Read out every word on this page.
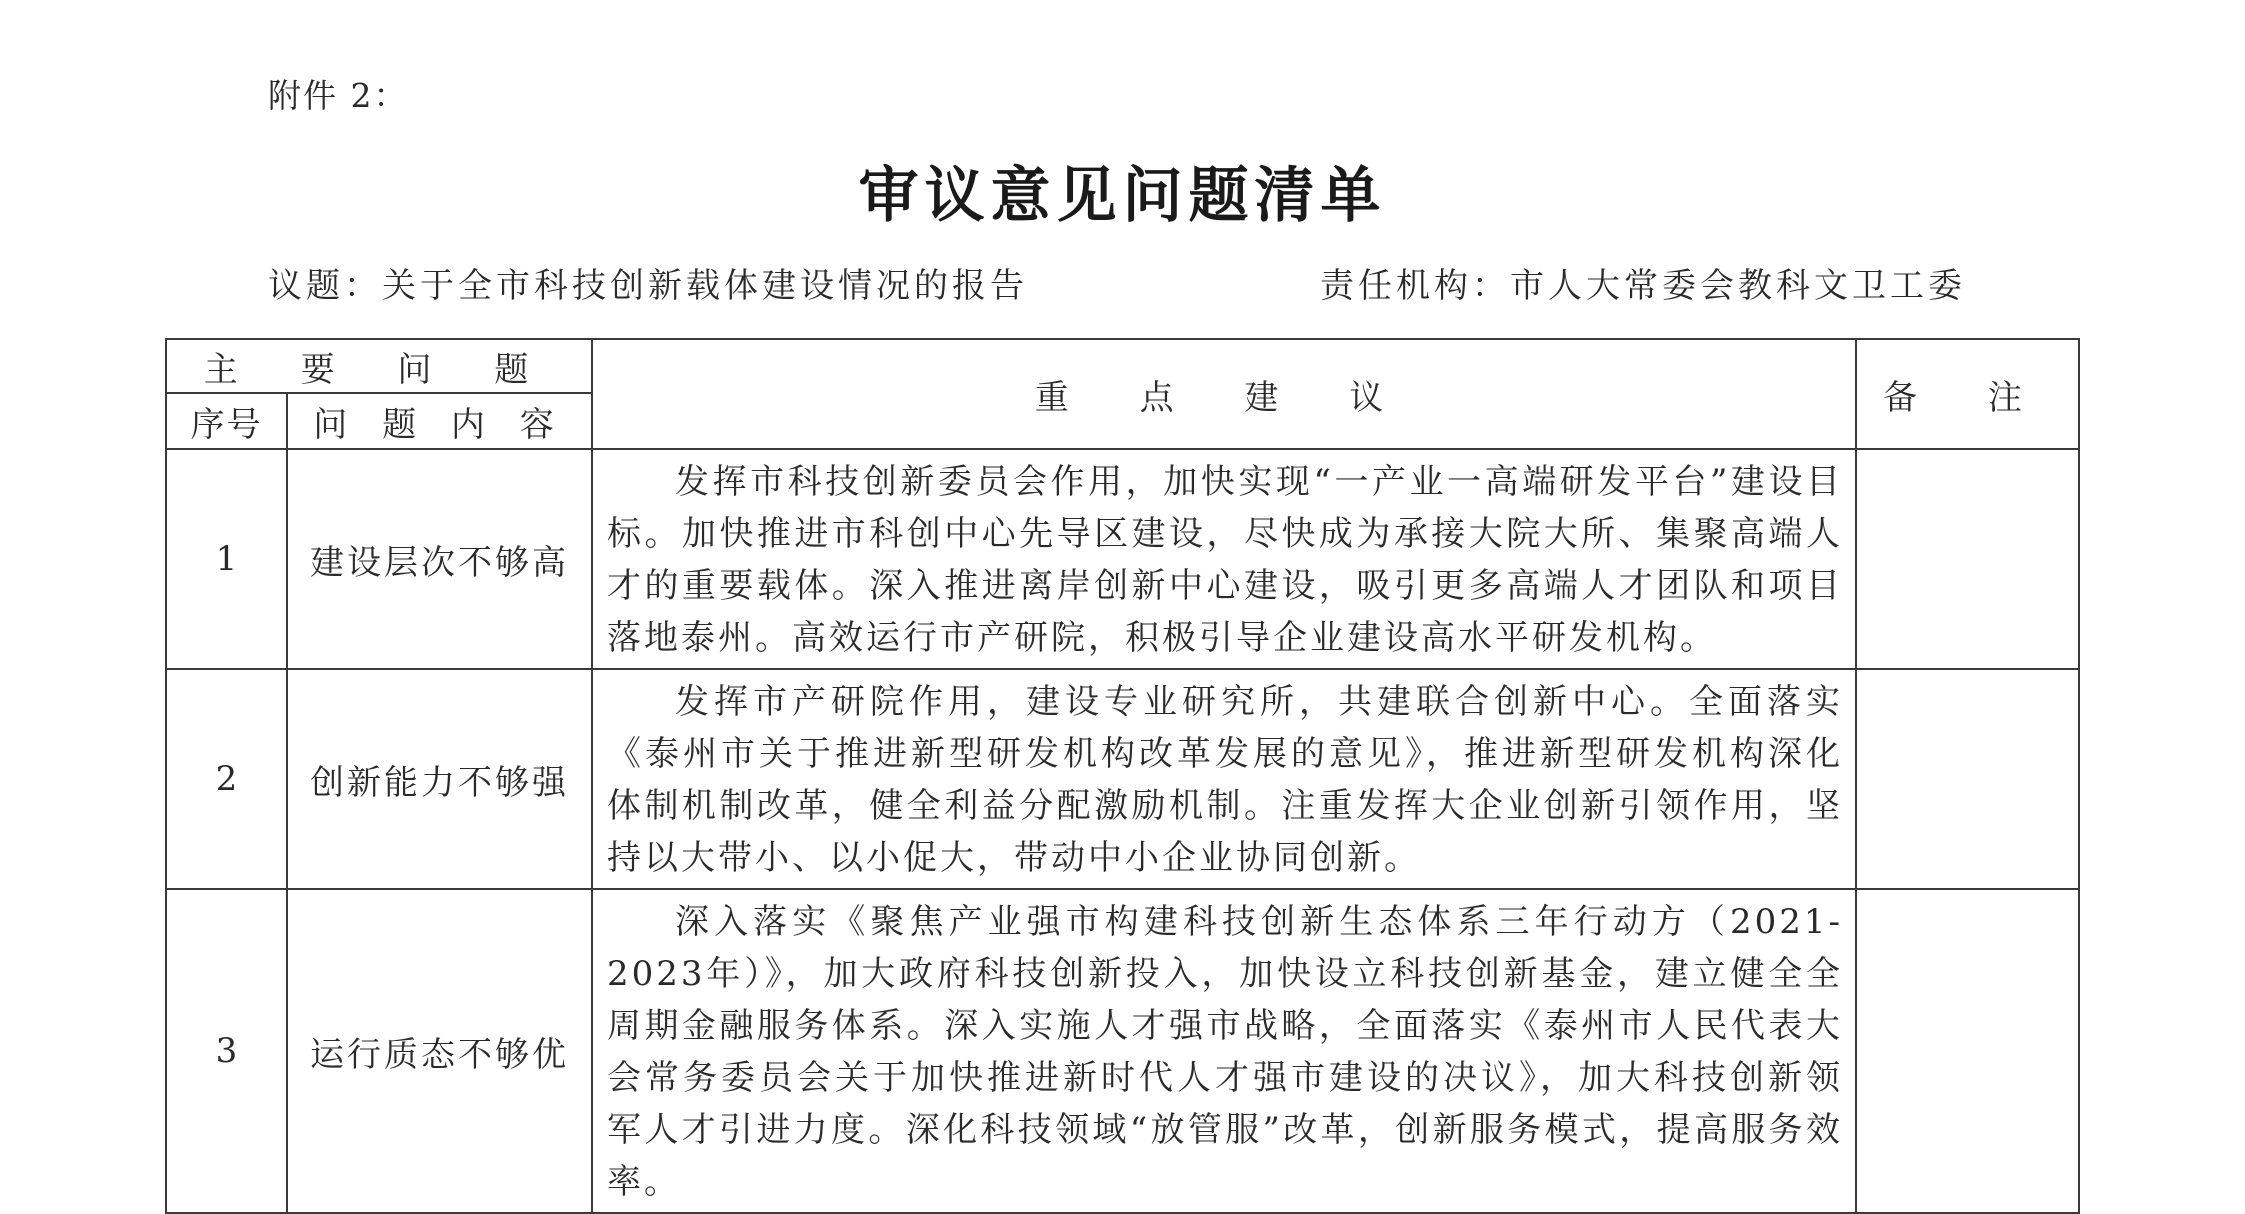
附件 2：
审议意见问题清单
议题：关于全市科技创新载体建设情况的报告	责任机构：市人大常委会教科文卫工委
主 要 问 题		重 点 建 议	备 注
序号	问 题 内 容		
1	建设层次不够高	发挥市科技创新委员会作用，加快实现“一产业一高端研发平台”建设目标。加快推进市科创中心先导区建设，尽快成为承接大院大所、集聚高端人才的重要载体。深入推进离岸创新中心建设，吸引更多高端人才团队和项目落地泰州。高效运行市产研院，积极引导企业建设高水平研发机构。	
2	创新能力不够强	发挥市产研院作用，建设专业研究所，共建联合创新中心。全面落实《泰州市关于推进新型研发机构改革发展的意见》，推进新型研发机构深化体制机制改革，健全利益分配激励机制。注重发挥大企业创新引领作用，坚持以大带小、以小促大，带动中小企业协同创新。	
3	运行质态不够优	深入落实《聚焦产业强市构建科技创新生态体系三年行动方（2021-2023年）》，加大政府科技创新投入，加快设立科技创新基金，建立健全全周期金融服务体系。深入实施人才强市战略，全面落实《泰州市人民代表大会常务委员会关于加快推进新时代人才强市建设的决议》，加大科技创新领军人才引进力度。深化科技领域“放管服”改革，创新服务模式，提高服务效率。	
